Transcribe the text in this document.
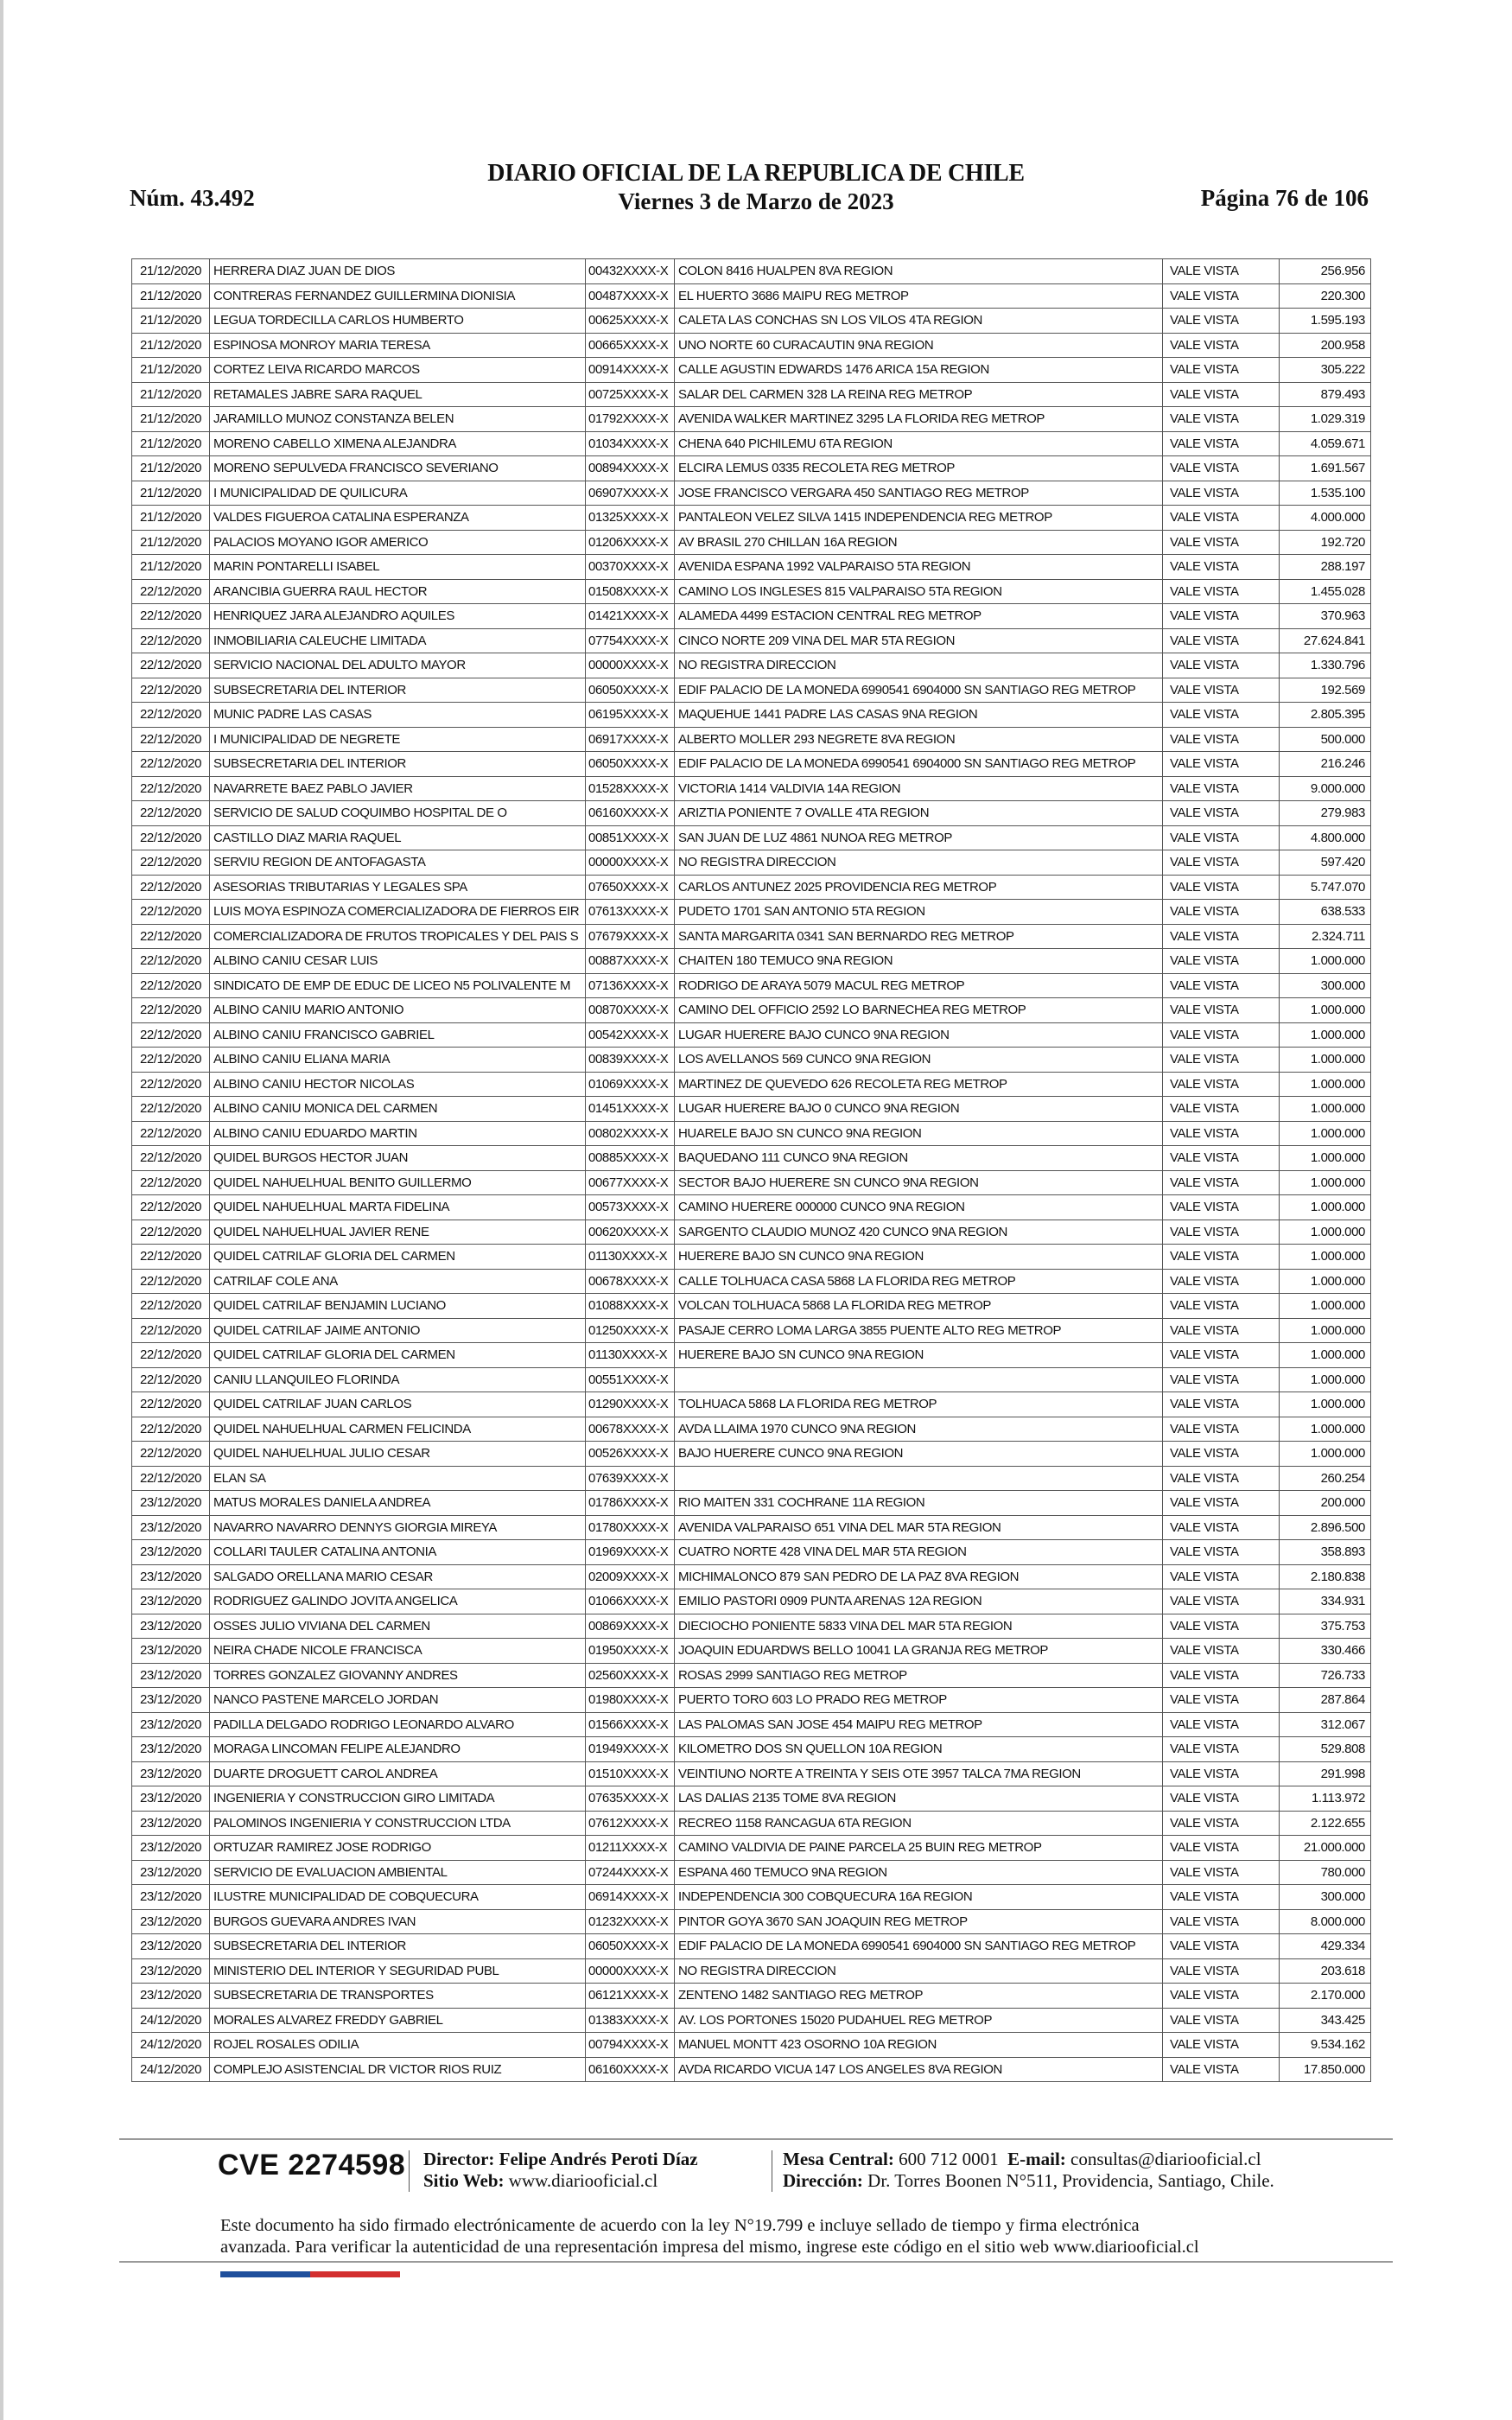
DIARIO OFICIAL DE LA REPUBLICA DE CHILE
Viernes 3 de Marzo de 2023
Núm. 43.492	Página 76 de 106
21/12/2020	HERRERA DIAZ JUAN DE DIOS	00432XXXX-X	COLON 8416 HUALPEN 8VA REGION	VALE VISTA	256.956
21/12/2020	CONTRERAS FERNANDEZ GUILLERMINA DIONISIA	00487XXXX-X	EL HUERTO 3686 MAIPU REG METROP	VALE VISTA	220.300
21/12/2020	LEGUA TORDECILLA CARLOS HUMBERTO	00625XXXX-X	CALETA LAS CONCHAS SN LOS VILOS 4TA REGION	VALE VISTA	1.595.193
21/12/2020	ESPINOSA MONROY MARIA TERESA	00665XXXX-X	UNO NORTE 60 CURACAUTIN 9NA REGION	VALE VISTA	200.958
21/12/2020	CORTEZ LEIVA RICARDO MARCOS	00914XXXX-X	CALLE AGUSTIN EDWARDS 1476 ARICA 15A REGION	VALE VISTA	305.222
21/12/2020	RETAMALES JABRE SARA RAQUEL	00725XXXX-X	SALAR DEL CARMEN 328 LA REINA REG METROP	VALE VISTA	879.493
21/12/2020	JARAMILLO MUNOZ CONSTANZA BELEN	01792XXXX-X	AVENIDA WALKER MARTINEZ 3295 LA FLORIDA REG METROP	VALE VISTA	1.029.319
21/12/2020	MORENO CABELLO XIMENA ALEJANDRA	01034XXXX-X	CHENA 640 PICHILEMU 6TA REGION	VALE VISTA	4.059.671
21/12/2020	MORENO SEPULVEDA FRANCISCO SEVERIANO	00894XXXX-X	ELCIRA LEMUS 0335 RECOLETA REG METROP	VALE VISTA	1.691.567
21/12/2020	I MUNICIPALIDAD DE QUILICURA	06907XXXX-X	JOSE FRANCISCO VERGARA 450 SANTIAGO REG METROP	VALE VISTA	1.535.100
21/12/2020	VALDES FIGUEROA CATALINA ESPERANZA	01325XXXX-X	PANTALEON VELEZ SILVA 1415 INDEPENDENCIA REG METROP	VALE VISTA	4.000.000
21/12/2020	PALACIOS MOYANO IGOR AMERICO	01206XXXX-X	AV BRASIL 270 CHILLAN 16A REGION	VALE VISTA	192.720
21/12/2020	MARIN PONTARELLI ISABEL	00370XXXX-X	AVENIDA ESPANA 1992 VALPARAISO 5TA REGION	VALE VISTA	288.197
22/12/2020	ARANCIBIA GUERRA RAUL HECTOR	01508XXXX-X	CAMINO LOS INGLESES 815 VALPARAISO 5TA REGION	VALE VISTA	1.455.028
22/12/2020	HENRIQUEZ JARA ALEJANDRO AQUILES	01421XXXX-X	ALAMEDA 4499 ESTACION CENTRAL REG METROP	VALE VISTA	370.963
22/12/2020	INMOBILIARIA CALEUCHE LIMITADA	07754XXXX-X	CINCO NORTE 209 VINA DEL MAR 5TA REGION	VALE VISTA	27.624.841
22/12/2020	SERVICIO NACIONAL DEL ADULTO MAYOR	00000XXXX-X	NO REGISTRA DIRECCION	VALE VISTA	1.330.796
22/12/2020	SUBSECRETARIA DEL INTERIOR	06050XXXX-X	EDIF PALACIO DE LA MONEDA 6990541 6904000 SN SANTIAGO REG METROP	VALE VISTA	192.569
22/12/2020	MUNIC PADRE LAS CASAS	06195XXXX-X	MAQUEHUE 1441 PADRE LAS CASAS 9NA REGION	VALE VISTA	2.805.395
22/12/2020	I MUNICIPALIDAD DE NEGRETE	06917XXXX-X	ALBERTO MOLLER 293 NEGRETE 8VA REGION	VALE VISTA	500.000
22/12/2020	SUBSECRETARIA DEL INTERIOR	06050XXXX-X	EDIF PALACIO DE LA MONEDA 6990541 6904000 SN SANTIAGO REG METROP	VALE VISTA	216.246
22/12/2020	NAVARRETE BAEZ PABLO JAVIER	01528XXXX-X	VICTORIA 1414 VALDIVIA 14A REGION	VALE VISTA	9.000.000
22/12/2020	SERVICIO DE SALUD COQUIMBO HOSPITAL DE O	06160XXXX-X	ARIZTIA PONIENTE 7 OVALLE 4TA REGION	VALE VISTA	279.983
22/12/2020	CASTILLO DIAZ MARIA RAQUEL	00851XXXX-X	SAN JUAN DE LUZ 4861 NUNOA REG METROP	VALE VISTA	4.800.000
22/12/2020	SERVIU REGION DE ANTOFAGASTA	00000XXXX-X	NO REGISTRA DIRECCION	VALE VISTA	597.420
22/12/2020	ASESORIAS TRIBUTARIAS Y LEGALES SPA	07650XXXX-X	CARLOS ANTUNEZ 2025 PROVIDENCIA REG METROP	VALE VISTA	5.747.070
22/12/2020	LUIS MOYA ESPINOZA COMERCIALIZADORA DE FIERROS EIR	07613XXXX-X	PUDETO 1701 SAN ANTONIO 5TA REGION	VALE VISTA	638.533
22/12/2020	COMERCIALIZADORA DE FRUTOS TROPICALES Y DEL PAIS S	07679XXXX-X	SANTA MARGARITA 0341 SAN BERNARDO REG METROP	VALE VISTA	2.324.711
22/12/2020	ALBINO CANIU CESAR LUIS	00887XXXX-X	CHAITEN 180 TEMUCO 9NA REGION	VALE VISTA	1.000.000
22/12/2020	SINDICATO DE EMP DE EDUC DE LICEO N5 POLIVALENTE M	07136XXXX-X	RODRIGO DE ARAYA 5079 MACUL REG METROP	VALE VISTA	300.000
22/12/2020	ALBINO CANIU MARIO ANTONIO	00870XXXX-X	CAMINO DEL OFFICIO 2592 LO BARNECHEA REG METROP	VALE VISTA	1.000.000
22/12/2020	ALBINO CANIU FRANCISCO GABRIEL	00542XXXX-X	LUGAR HUERERE BAJO CUNCO 9NA REGION	VALE VISTA	1.000.000
22/12/2020	ALBINO CANIU ELIANA MARIA	00839XXXX-X	LOS AVELLANOS 569 CUNCO 9NA REGION	VALE VISTA	1.000.000
22/12/2020	ALBINO CANIU HECTOR NICOLAS	01069XXXX-X	MARTINEZ DE QUEVEDO 626 RECOLETA REG METROP	VALE VISTA	1.000.000
22/12/2020	ALBINO CANIU MONICA DEL CARMEN	01451XXXX-X	LUGAR HUERERE BAJO 0 CUNCO 9NA REGION	VALE VISTA	1.000.000
22/12/2020	ALBINO CANIU EDUARDO MARTIN	00802XXXX-X	HUARELE BAJO SN CUNCO 9NA REGION	VALE VISTA	1.000.000
22/12/2020	QUIDEL BURGOS HECTOR JUAN	00885XXXX-X	BAQUEDANO 111 CUNCO 9NA REGION	VALE VISTA	1.000.000
22/12/2020	QUIDEL NAHUELHUAL BENITO GUILLERMO	00677XXXX-X	SECTOR BAJO HUERERE SN CUNCO 9NA REGION	VALE VISTA	1.000.000
22/12/2020	QUIDEL NAHUELHUAL MARTA FIDELINA	00573XXXX-X	CAMINO HUERERE 000000 CUNCO 9NA REGION	VALE VISTA	1.000.000
22/12/2020	QUIDEL NAHUELHUAL JAVIER RENE	00620XXXX-X	SARGENTO CLAUDIO MUNOZ 420 CUNCO 9NA REGION	VALE VISTA	1.000.000
22/12/2020	QUIDEL CATRILAF GLORIA DEL CARMEN	01130XXXX-X	HUERERE BAJO SN CUNCO 9NA REGION	VALE VISTA	1.000.000
22/12/2020	CATRILAF COLE ANA	00678XXXX-X	CALLE TOLHUACA CASA 5868 LA FLORIDA REG METROP	VALE VISTA	1.000.000
22/12/2020	QUIDEL CATRILAF BENJAMIN LUCIANO	01088XXXX-X	VOLCAN TOLHUACA 5868 LA FLORIDA REG METROP	VALE VISTA	1.000.000
22/12/2020	QUIDEL CATRILAF JAIME ANTONIO	01250XXXX-X	PASAJE CERRO LOMA LARGA 3855 PUENTE ALTO REG METROP	VALE VISTA	1.000.000
22/12/2020	QUIDEL CATRILAF GLORIA DEL CARMEN	01130XXXX-X	HUERERE BAJO SN CUNCO 9NA REGION	VALE VISTA	1.000.000
22/12/2020	CANIU LLANQUILEO FLORINDA	00551XXXX-X		VALE VISTA	1.000.000
22/12/2020	QUIDEL CATRILAF JUAN CARLOS	01290XXXX-X	TOLHUACA 5868 LA FLORIDA REG METROP	VALE VISTA	1.000.000
22/12/2020	QUIDEL NAHUELHUAL CARMEN FELICINDA	00678XXXX-X	AVDA LLAIMA 1970 CUNCO 9NA REGION	VALE VISTA	1.000.000
22/12/2020	QUIDEL NAHUELHUAL JULIO CESAR	00526XXXX-X	BAJO HUERERE CUNCO 9NA REGION	VALE VISTA	1.000.000
22/12/2020	ELAN SA	07639XXXX-X		VALE VISTA	260.254
23/12/2020	MATUS MORALES DANIELA ANDREA	01786XXXX-X	RIO MAITEN 331 COCHRANE 11A REGION	VALE VISTA	200.000
23/12/2020	NAVARRO NAVARRO DENNYS GIORGIA MIREYA	01780XXXX-X	AVENIDA VALPARAISO 651 VINA DEL MAR 5TA REGION	VALE VISTA	2.896.500
23/12/2020	COLLARI TAULER CATALINA ANTONIA	01969XXXX-X	CUATRO NORTE 428 VINA DEL MAR 5TA REGION	VALE VISTA	358.893
23/12/2020	SALGADO ORELLANA MARIO CESAR	02009XXXX-X	MICHIMALONCO 879 SAN PEDRO DE LA PAZ 8VA REGION	VALE VISTA	2.180.838
23/12/2020	RODRIGUEZ GALINDO JOVITA ANGELICA	01066XXXX-X	EMILIO PASTORI 0909 PUNTA ARENAS 12A REGION	VALE VISTA	334.931
23/12/2020	OSSES JULIO VIVIANA DEL CARMEN	00869XXXX-X	DIECIOCHO PONIENTE 5833 VINA DEL MAR 5TA REGION	VALE VISTA	375.753
23/12/2020	NEIRA CHADE NICOLE FRANCISCA	01950XXXX-X	JOAQUIN EDUARDWS BELLO 10041 LA GRANJA REG METROP	VALE VISTA	330.466
23/12/2020	TORRES GONZALEZ GIOVANNY ANDRES	02560XXXX-X	ROSAS 2999 SANTIAGO REG METROP	VALE VISTA	726.733
23/12/2020	NANCO PASTENE MARCELO JORDAN	01980XXXX-X	PUERTO TORO 603 LO PRADO REG METROP	VALE VISTA	287.864
23/12/2020	PADILLA DELGADO RODRIGO LEONARDO ALVARO	01566XXXX-X	LAS PALOMAS SAN JOSE 454 MAIPU REG METROP	VALE VISTA	312.067
23/12/2020	MORAGA LINCOMAN FELIPE ALEJANDRO	01949XXXX-X	KILOMETRO DOS SN QUELLON 10A REGION	VALE VISTA	529.808
23/12/2020	DUARTE DROGUETT CAROL ANDREA	01510XXXX-X	VEINTIUNO NORTE A TREINTA Y SEIS OTE 3957 TALCA 7MA REGION	VALE VISTA	291.998
23/12/2020	INGENIERIA Y CONSTRUCCION GIRO LIMITADA	07635XXXX-X	LAS DALIAS 2135 TOME 8VA REGION	VALE VISTA	1.113.972
23/12/2020	PALOMINOS INGENIERIA Y CONSTRUCCION LTDA	07612XXXX-X	RECREO 1158 RANCAGUA 6TA REGION	VALE VISTA	2.122.655
23/12/2020	ORTUZAR RAMIREZ JOSE RODRIGO	01211XXXX-X	CAMINO VALDIVIA DE PAINE PARCELA 25 BUIN REG METROP	VALE VISTA	21.000.000
23/12/2020	SERVICIO DE EVALUACION AMBIENTAL	07244XXXX-X	ESPANA 460 TEMUCO 9NA REGION	VALE VISTA	780.000
23/12/2020	ILUSTRE MUNICIPALIDAD DE COBQUECURA	06914XXXX-X	INDEPENDENCIA 300 COBQUECURA 16A REGION	VALE VISTA	300.000
23/12/2020	BURGOS GUEVARA ANDRES IVAN	01232XXXX-X	PINTOR GOYA 3670 SAN JOAQUIN REG METROP	VALE VISTA	8.000.000
23/12/2020	SUBSECRETARIA DEL INTERIOR	06050XXXX-X	EDIF PALACIO DE LA MONEDA 6990541 6904000 SN SANTIAGO REG METROP	VALE VISTA	429.334
23/12/2020	MINISTERIO DEL INTERIOR Y SEGURIDAD PUBL	00000XXXX-X	NO REGISTRA DIRECCION	VALE VISTA	203.618
23/12/2020	SUBSECRETARIA DE TRANSPORTES	06121XXXX-X	ZENTENO 1482 SANTIAGO REG METROP	VALE VISTA	2.170.000
24/12/2020	MORALES ALVAREZ FREDDY GABRIEL	01383XXXX-X	AV. LOS PORTONES 15020 PUDAHUEL REG METROP	VALE VISTA	343.425
24/12/2020	ROJEL ROSALES ODILIA	00794XXXX-X	MANUEL MONTT 423 OSORNO 10A REGION	VALE VISTA	9.534.162
24/12/2020	COMPLEJO ASISTENCIAL DR VICTOR RIOS RUIZ	06160XXXX-X	AVDA RICARDO VICUA 147 LOS ANGELES 8VA REGION	VALE VISTA	17.850.000
CVE 2274598 Director: Felipe Andrés Peroti Díaz
Sitio Web: www.diariooficial.cl
Mesa Central: 600 712 0001 E-mail: consultas@diariooficial.cl
Dirección: Dr. Torres Boonen N°511, Providencia, Santiago, Chile.
Este documento ha sido firmado electrónicamente de acuerdo con la ley N°19.799 e incluye sellado de tiempo y firma electrónica
avanzada. Para verificar la autenticidad de una representación impresa del mismo, ingrese este código en el sitio web www.diariooficial.cl
